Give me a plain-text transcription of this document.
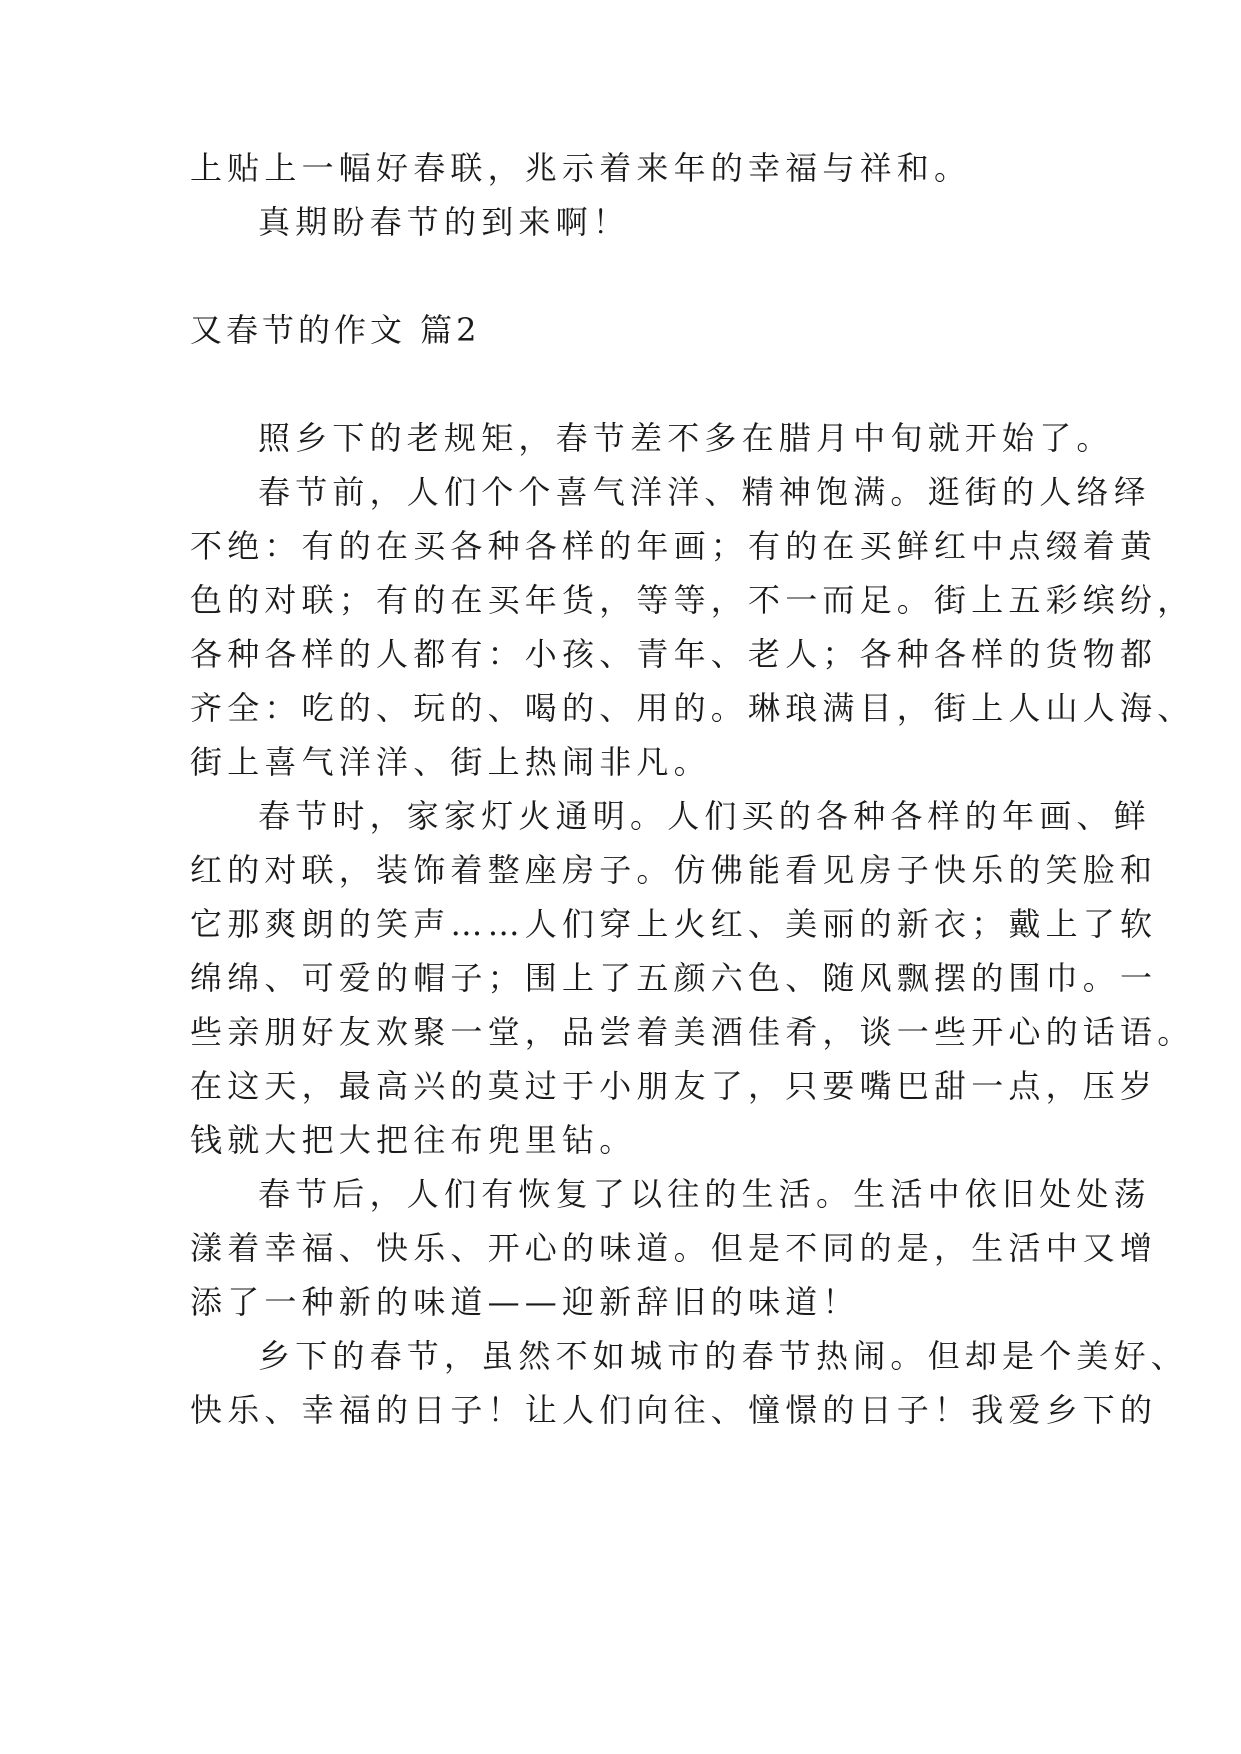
上贴上一幅好春联，兆示着来年的幸福与祥和。
真期盼春节的到来啊！
又春节的作文 篇2
照乡下的老规矩，春节差不多在腊月中旬就开始了。
春节前，人们个个喜气洋洋、精神饱满。逛街的人络绎
不绝：有的在买各种各样的年画；有的在买鲜红中点缀着黄
色的对联；有的在买年货，等等，不一而足。街上五彩缤纷，
各种各样的人都有：小孩、青年、老人；各种各样的货物都
齐全：吃的、玩的、喝的、用的。琳琅满目，街上人山人海、
街上喜气洋洋、街上热闹非凡。
春节时，家家灯火通明。人们买的各种各样的年画、鲜
红的对联，装饰着整座房子。仿佛能看见房子快乐的笑脸和
它那爽朗的笑声……人们穿上火红、美丽的新衣；戴上了软
绵绵、可爱的帽子；围上了五颜六色、随风飘摆的围巾。一
些亲朋好友欢聚一堂，品尝着美酒佳肴，谈一些开心的话语。
在这天，最高兴的莫过于小朋友了，只要嘴巴甜一点，压岁
钱就大把大把往布兜里钻。
春节后，人们有恢复了以往的生活。生活中依旧处处荡
漾着幸福、快乐、开心的味道。但是不同的是，生活中又增
添了一种新的味道——迎新辞旧的味道！
乡下的春节，虽然不如城市的春节热闹。但却是个美好、
快乐、幸福的日子！让人们向往、憧憬的日子！我爱乡下的
